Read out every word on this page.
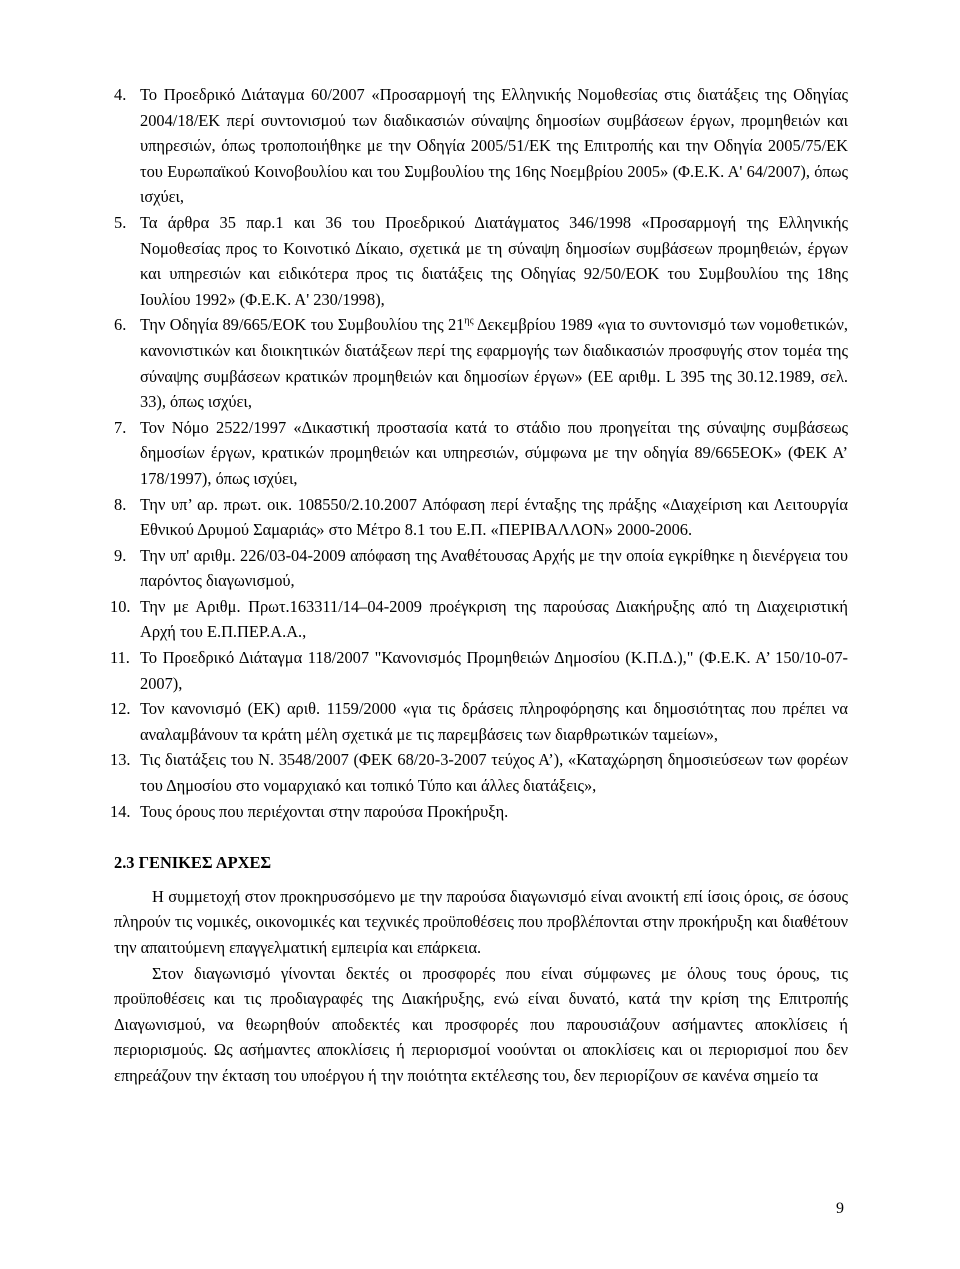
4. Το Προεδρικό Διάταγμα 60/2007 «Προσαρμογή της Ελληνικής Νομοθεσίας στις διατάξεις της Οδηγίας 2004/18/ΕΚ περί συντονισμού των διαδικασιών σύναψης δημοσίων συμβάσεων έργων, προμηθειών και υπηρεσιών, όπως τροποποιήθηκε με την Οδηγία 2005/51/ΕΚ της Επιτροπής και την Οδηγία 2005/75/ΕΚ του Ευρωπαϊκού Κοινοβουλίου και του Συμβουλίου της 16ης Νοεμβρίου 2005» (Φ.Ε.Κ. Α' 64/2007), όπως ισχύει,
5. Τα άρθρα 35 παρ.1 και 36 του Προεδρικού Διατάγματος 346/1998 «Προσαρμογή της Ελληνικής Νομοθεσίας προς το Κοινοτικό Δίκαιο, σχετικά με τη σύναψη δημοσίων συμβάσεων προμηθειών, έργων και υπηρεσιών και ειδικότερα προς τις διατάξεις της Οδηγίας 92/50/ΕΟΚ του Συμβουλίου της 18ης Ιουλίου 1992» (Φ.Ε.Κ. Α' 230/1998),
6. Την Οδηγία 89/665/ΕΟΚ του Συμβουλίου της $21^{\eta\varsigma}$ Δεκεμβρίου 1989 «για το συντονισμό των νομοθετικών, κανονιστικών και διοικητικών διατάξεων περί της εφαρμογής των διαδικασιών προσφυγής στον τομέα της σύναψης συμβάσεων κρατικών προμηθειών και δημοσίων έργων» (ΕΕ αριθμ. L 395 της 30.12.1989, σελ. 33), όπως ισχύει,
7. Τον Νόμο 2522/1997 «Δικαστική προστασία κατά το στάδιο που προηγείται της σύναψης συμβάσεως δημοσίων έργων, κρατικών προμηθειών και υπηρεσιών, σύμφωνα με την οδηγία 89/665ΕΟΚ» (ΦΕΚ Α’ 178/1997), όπως ισχύει,
8. Την υπ’ αρ. πρωτ. οικ. 108550/2.10.2007 Απόφαση περί ένταξης της πράξης «Διαχείριση και Λειτουργία Εθνικού Δρυμού Σαμαριάς» στο Μέτρο 8.1 του Ε.Π. «ΠΕΡΙΒΑΛΛΟΝ» 2000-2006.
9. Την υπ' αριθμ. 226/03-04-2009 απόφαση της Αναθέτουσας Αρχής με την οποία εγκρίθηκε η διενέργεια του παρόντος διαγωνισμού,
10. Την με Αριθμ. Πρωτ.163311/14–04-2009 προέγκριση της παρούσας Διακήρυξης από τη Διαχειριστική Αρχή του Ε.Π.ΠΕΡ.Α.Α.,
11. Το Προεδρικό Διάταγμα 118/2007 "Κανονισμός Προμηθειών Δημοσίου (Κ.Π.Δ.)," (Φ.Ε.Κ. Α’ 150/10-07-2007),
12. Τον κανονισμό (ΕΚ) αριθ. 1159/2000 «για τις δράσεις πληροφόρησης και δημοσιότητας που πρέπει να αναλαμβάνουν τα κράτη μέλη σχετικά με τις παρεμβάσεις των διαρθρωτικών ταμείων»,
13. Τις διατάξεις του Ν. 3548/2007 (ΦΕΚ 68/20-3-2007 τεύχος Α’), «Καταχώρηση δημοσιεύσεων των φορέων του Δημοσίου στο νομαρχιακό και τοπικό Τύπο και άλλες διατάξεις»,
14. Τους όρους που περιέχονται στην παρούσα Προκήρυξη.
2.3 ΓΕΝΙΚΕΣ ΑΡΧΕΣ
Η συμμετοχή στον προκηρυσσόμενο με την παρούσα διαγωνισμό είναι ανοικτή επί ίσοις όροις, σε όσους πληρούν τις νομικές, οικονομικές και τεχνικές προϋποθέσεις που προβλέπονται στην προκήρυξη και διαθέτουν την απαιτούμενη επαγγελματική εμπειρία και επάρκεια.
Στον διαγωνισμό γίνονται δεκτές οι προσφορές που είναι σύμφωνες με όλους τους όρους, τις προϋποθέσεις και τις προδιαγραφές της Διακήρυξης, ενώ είναι δυνατό, κατά την κρίση της Επιτροπής Διαγωνισμού, να θεωρηθούν αποδεκτές και προσφορές που παρουσιάζουν ασήμαντες αποκλίσεις ή περιορισμούς. Ως ασήμαντες αποκλίσεις ή περιορισμοί νοούνται οι αποκλίσεις και οι περιορισμοί που δεν επηρεάζουν την έκταση του υποέργου ή την ποιότητα εκτέλεσης του, δεν περιορίζουν σε κανένα σημείο τα
9
